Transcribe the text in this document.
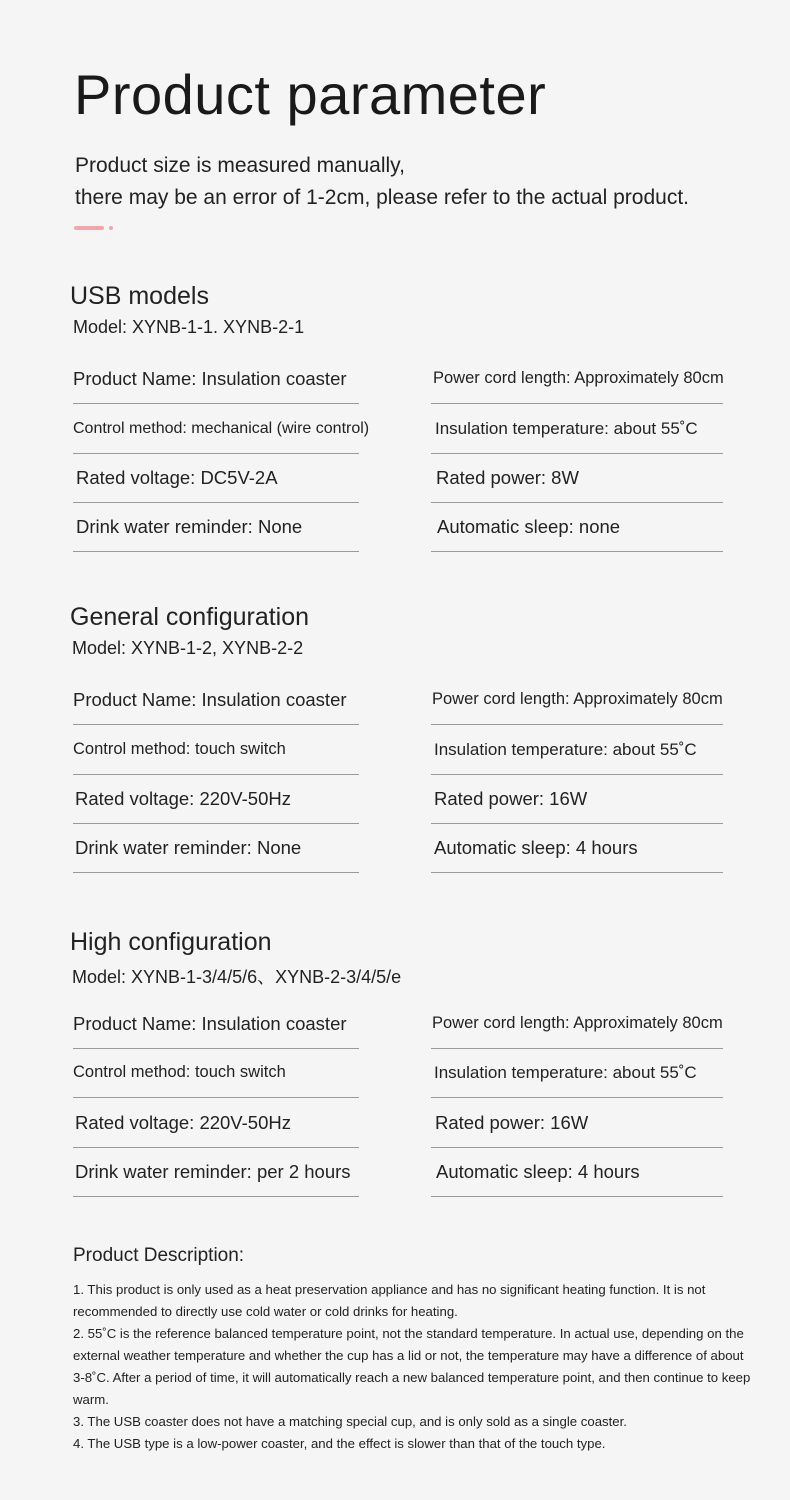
Product parameter
Product size is measured manually,
there may be an error of 1-2cm, please refer to the actual product.
USB models
Model: XYNB-1-1. XYNB-2-1
Product Name: Insulation coaster
Control method: mechanical (wire control)
Rated voltage: DC5V-2A
Drink water reminder: None
Power cord length: Approximately 80cm
Insulation temperature: about 55˚C
Rated power: 8W
Automatic sleep: none
General configuration
Model: XYNB-1-2, XYNB-2-2
Product Name: Insulation coaster
Control method: touch switch
Rated voltage: 220V-50Hz
Drink water reminder: None
Power cord length: Approximately 80cm
Insulation temperature: about 55˚C
Rated power: 16W
Automatic sleep: 4 hours
High configuration
Model: XYNB-1-3/4/5/6、XYNB-2-3/4/5/e
Product Name: Insulation coaster
Control method: touch switch
Rated voltage: 220V-50Hz
Drink water reminder: per 2 hours
Power cord length: Approximately 80cm
Insulation temperature: about 55˚C
Rated power: 16W
Automatic sleep: 4 hours
Product Description:

1. This product is only used as a heat preservation appliance and has no significant heating function. It is not recommended to directly use cold water or cold drinks for heating.

2. 55˚C is the reference balanced temperature point, not the standard temperature. In actual use, depending on the external weather temperature and whether the cup has a lid or not, the temperature may have a difference of about 3-8˚C. After a period of time, it will automatically reach a new balanced temperature point, and then continue to keep warm.

3. The USB coaster does not have a matching special cup, and is only sold as a single coaster.

4. The USB type is a low-power coaster, and the effect is slower than that of the touch type.
